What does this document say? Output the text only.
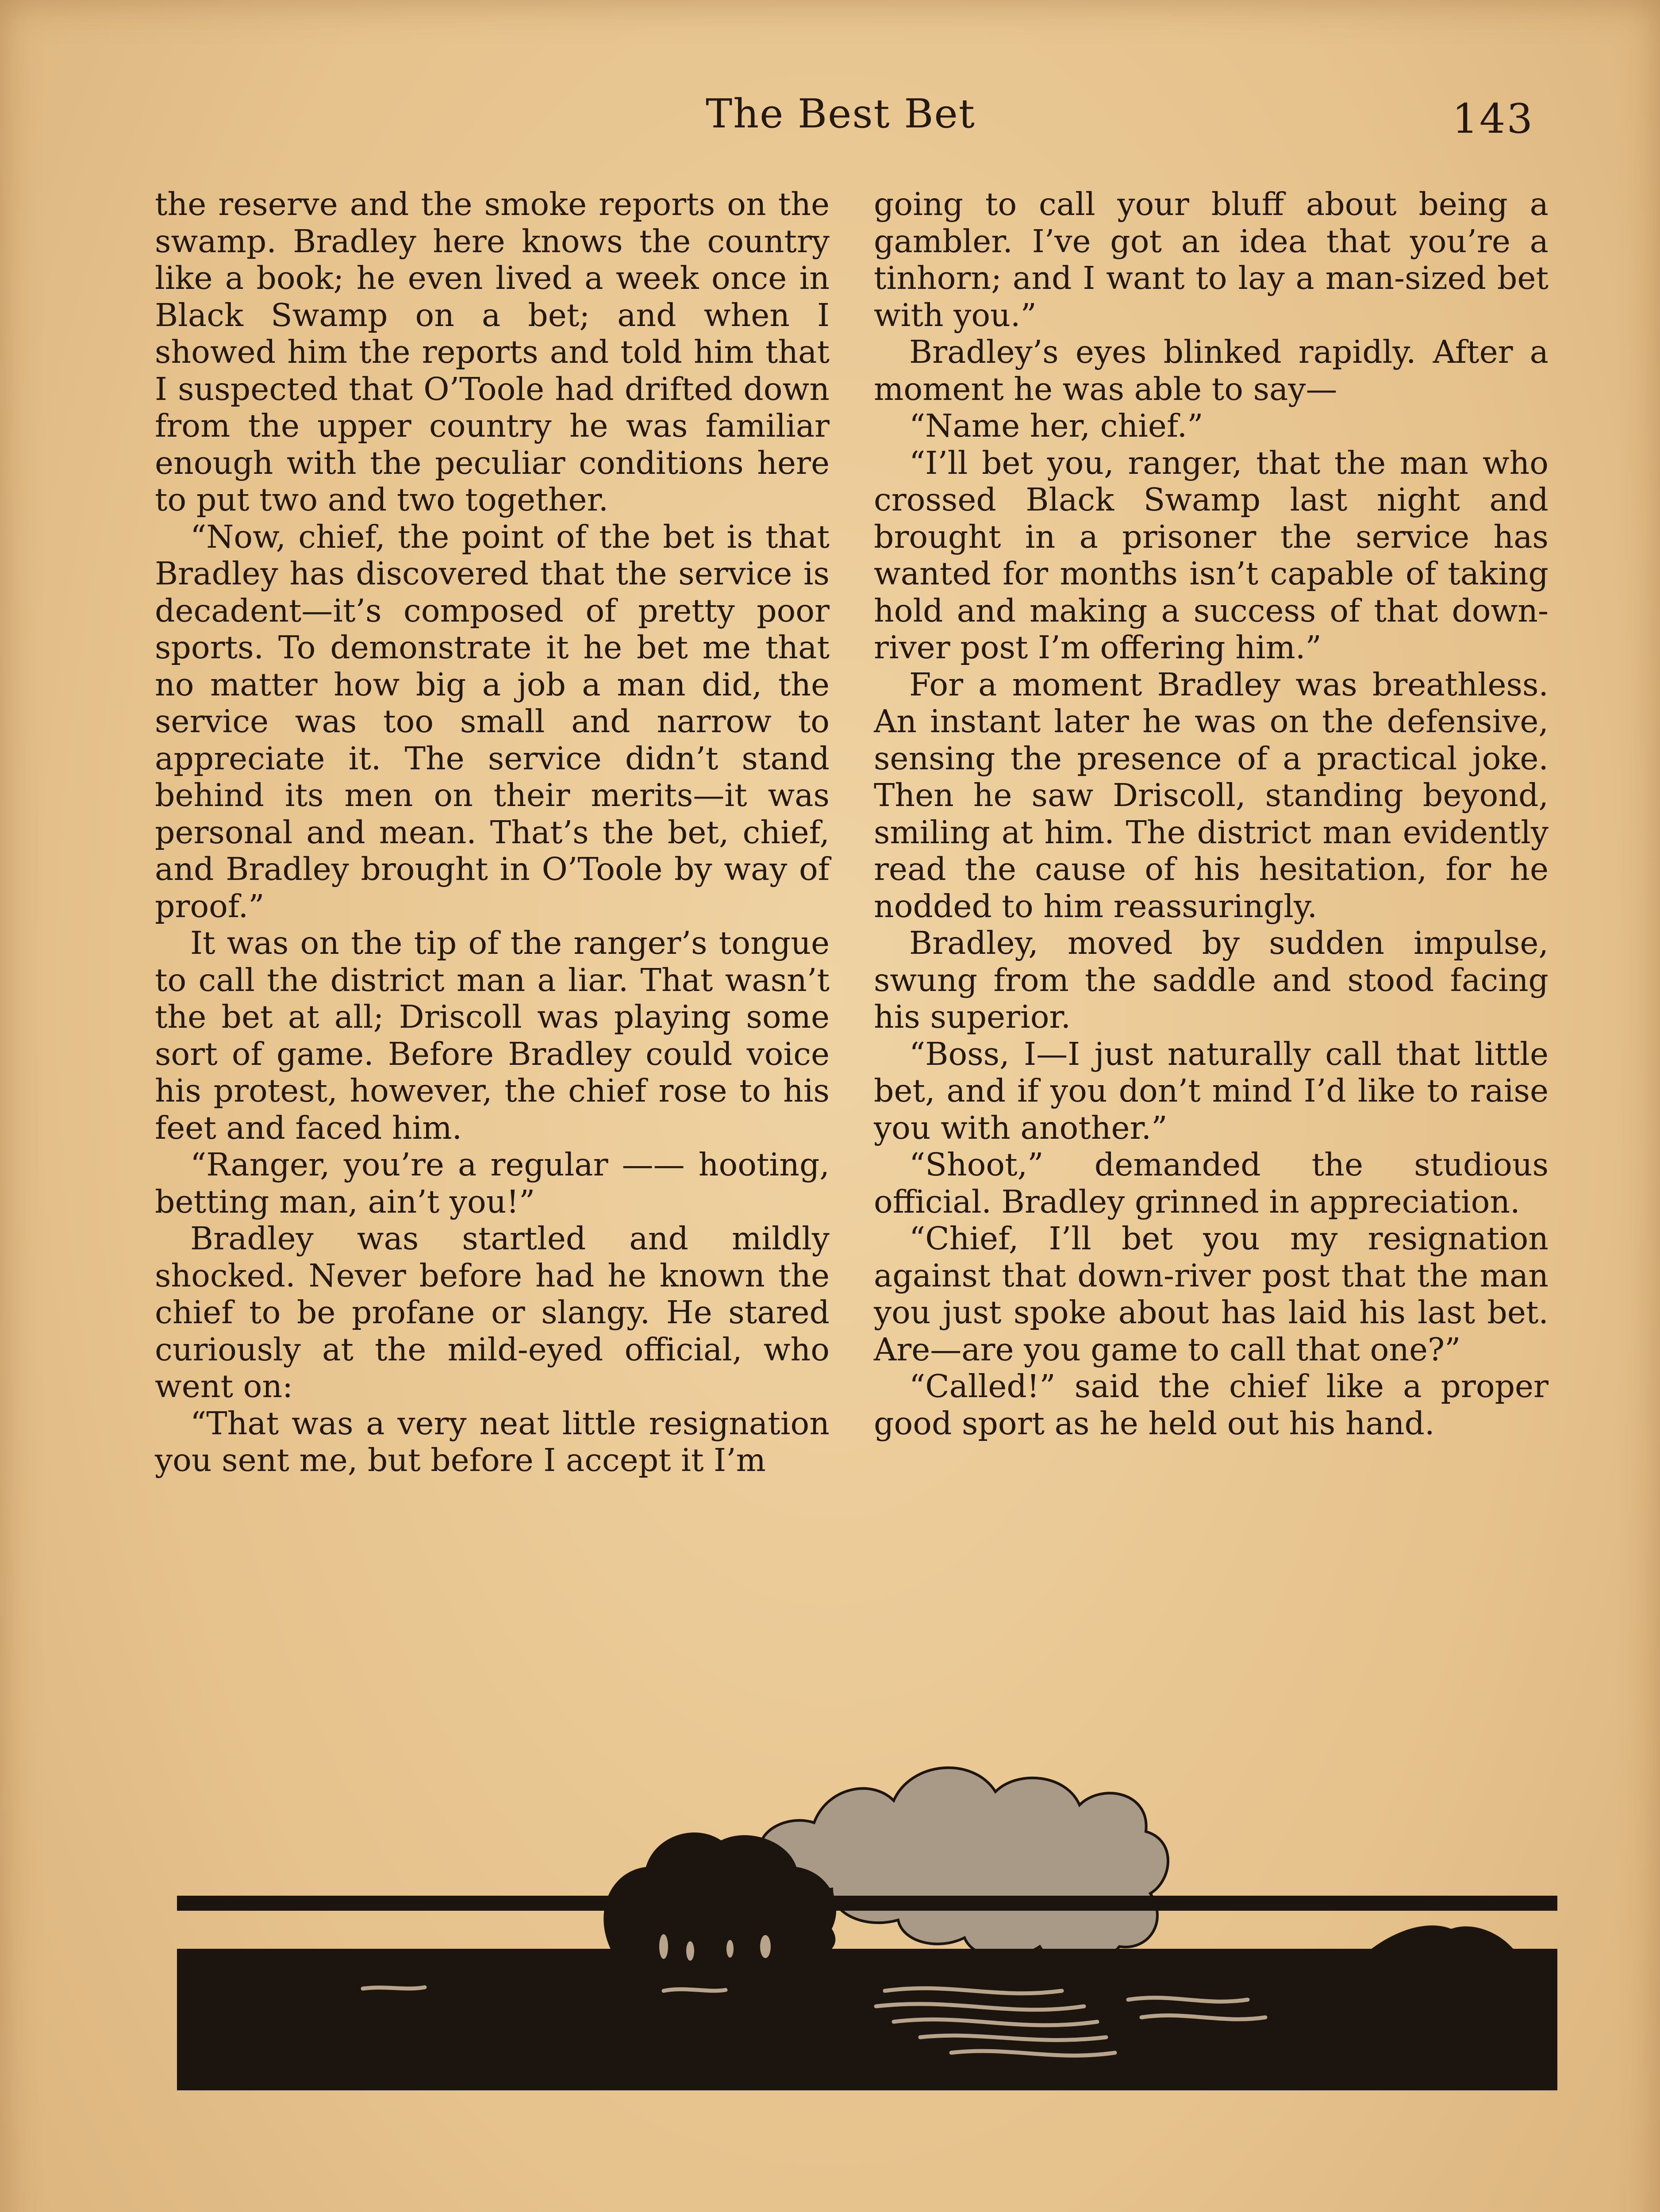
The Best Bet	143

the reserve and the smoke reports on the swamp. Bradley here knows the country like a book; he even lived a week once in Black Swamp on a bet; and when I showed him the reports and told him that I suspected that O’Toole had drifted down from the upper country he was familiar enough with the peculiar conditions here to put two and two together.

“Now, chief, the point of the bet is that Bradley has discovered that the service is decadent—it’s composed of pretty poor sports. To demonstrate it he bet me that no matter how big a job a man did, the service was too small and narrow to appreciate it. The service didn’t stand behind its men on their merits—it was personal and mean. That’s the bet, chief, and Bradley brought in O’Toole by way of proof.”

It was on the tip of the ranger’s tongue to call the district man a liar. That wasn’t the bet at all; Driscoll was playing some sort of game. Before Bradley could voice his protest, however, the chief rose to his feet and faced him.

“Ranger, you’re a regular —— hooting, betting man, ain’t you!”

Bradley was startled and mildly shocked. Never before had he known the chief to be profane or slangy. He stared curiously at the mild-eyed official, who went on:

“That was a very neat little resignation you sent me, but before I accept it I’m

going to call your bluff about being a gambler. I’ve got an idea that you’re a tinhorn; and I want to lay a man-sized bet with you.”

Bradley’s eyes blinked rapidly. After a moment he was able to say—

“Name her, chief.”

“I’ll bet you, ranger, that the man who crossed Black Swamp last night and brought in a prisoner the service has wanted for months isn’t capable of taking hold and making a success of that down-river post I’m offering him.”

For a moment Bradley was breathless. An instant later he was on the defensive, sensing the presence of a practical joke. Then he saw Driscoll, standing beyond, smiling at him. The district man evidently read the cause of his hesitation, for he nodded to him reassuringly.

Bradley, moved by sudden impulse, swung from the saddle and stood facing his superior.

“Boss, I—I just naturally call that little bet, and if you don’t mind I’d like to raise you with another.”

“Shoot,” demanded the studious official. Bradley grinned in appreciation.

“Chief, I’ll bet you my resignation against that down-river post that the man you just spoke about has laid his last bet. Are—are you game to call that one?”

“Called!” said the chief like a proper good sport as he held out his hand.
